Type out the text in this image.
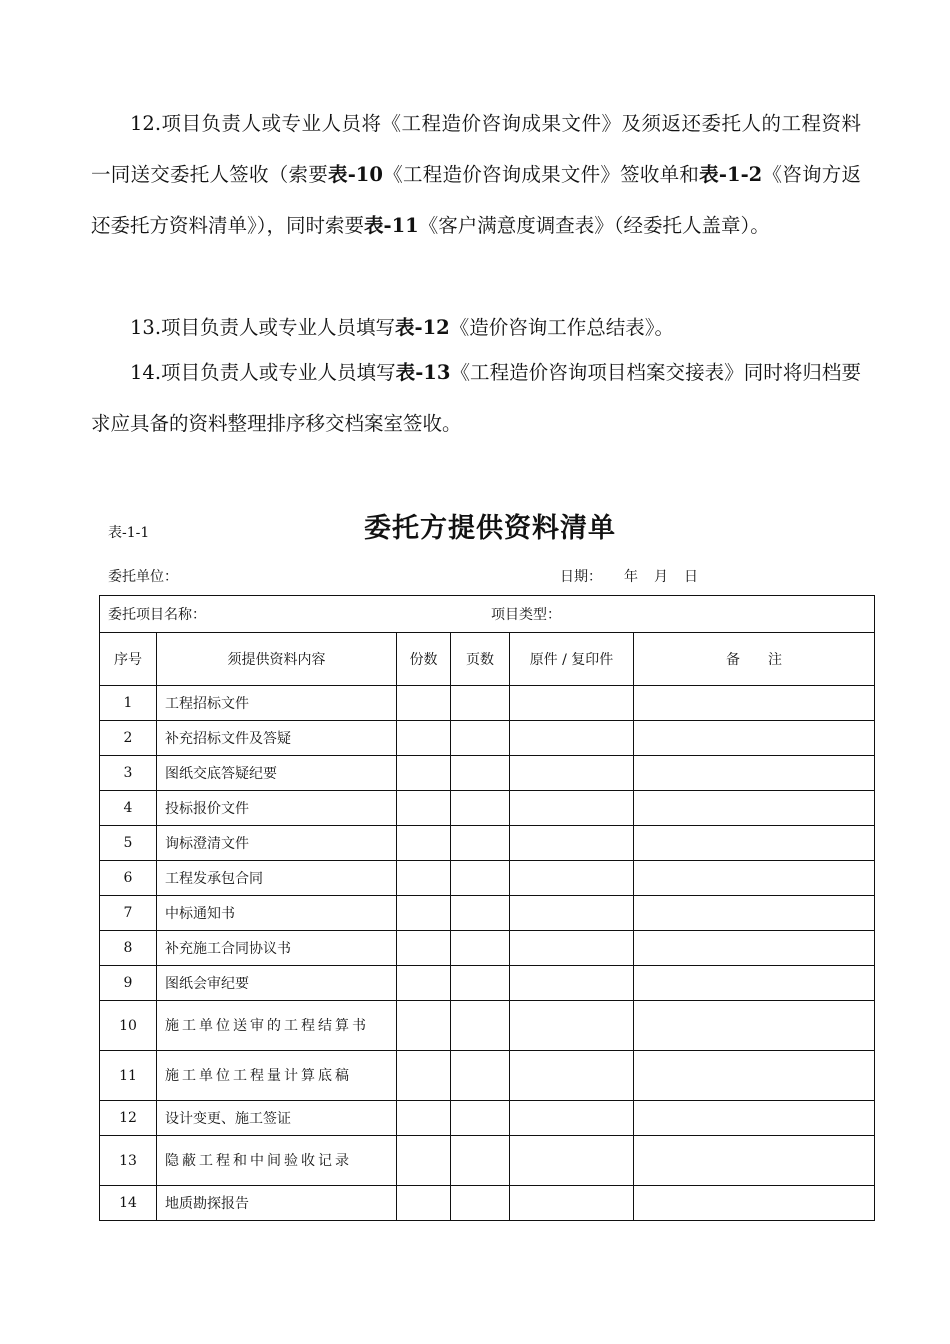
12.项目负责人或专业人员将《工程造价咨询成果文件》及须返还委托人的工程资料一同送交委托人签收（索要表-10《工程造价咨询成果文件》签收单和表-1-2《咨询方返还委托方资料清单》），同时索要表-11《客户满意度调查表》（经委托人盖章）。

13.项目负责人或专业人员填写表-12《造价咨询工作总结表》。

14.项目负责人或专业人员填写表-13《工程造价咨询项目档案交接表》同时将归档要求应具备的资料整理排序移交档案室签收。

表-1-1	委托方提供资料清单
委托单位：	日期： 年 月 日
委托项目名称： 项目类型：					
序号	须提供资料内容	份数	页数	原件 / 复印件	备　　注
1	工程招标文件				
2	补充招标文件及答疑				
3	图纸交底答疑纪要				
4	投标报价文件				
5	询标澄清文件				
6	工程发承包合同				
7	中标通知书				
8	补充施工合同协议书				
9	图纸会审纪要				
10	施工单位送审的工程结算书				
11	施工单位工程量计算底稿				
12	设计变更、施工签证				
13	隐蔽工程和中间验收记录				
14	地质勘探报告				
